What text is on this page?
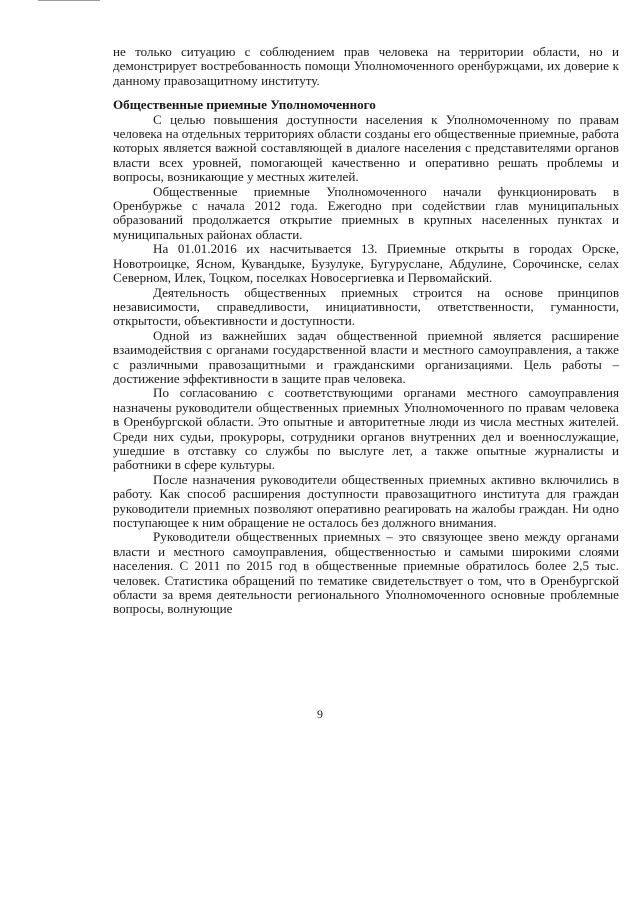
не только ситуацию с соблюдением прав человека на территории области, но и демонстрирует востребованность помощи Уполномоченного оренбуржцами, их доверие к данному правозащитному институту.

Общественные приемные Уполномоченного

С целью повышения доступности населения к Уполномоченному по правам человека на отдельных территориях области созданы его общественные приемные, работа которых является важной составляющей в диалоге населения с представителями органов власти всех уровней, помогающей качественно и оперативно решать проблемы и вопросы, возникающие у местных жителей.

Общественные приемные Уполномоченного начали функционировать в Оренбуржье с начала 2012 года. Ежегодно при содействии глав муниципальных образований продолжается открытие приемных в крупных населенных пунктах и муниципальных районах области.

На 01.01.2016 их насчитывается 13. Приемные открыты в городах Орске, Новотроицке, Ясном, Кувандыке, Бузулуке, Бугуруслане, Абдулине, Сорочинске, селах Северном, Илек, Тоцком, поселках Новосергиевка и Первомайский.

Деятельность общественных приемных строится на основе принципов независимости, справедливости, инициативности, ответственности, гуманности, открытости, объективности и доступности.

Одной из важнейших задач общественной приемной является расширение взаимодействия с органами государственной власти и местного самоуправления, а также с различными правозащитными и гражданскими организациями. Цель работы – достижение эффективности в защите прав человека.

По согласованию с соответствующими органами местного самоуправления назначены руководители общественных приемных Уполномоченного по правам человека в Оренбургской области. Это опытные и авторитетные люди из числа местных жителей. Среди них судьи, прокуроры, сотрудники органов внутренних дел и военнослужащие, ушедшие в отставку со службы по выслуге лет, а также опытные журналисты и работники в сфере культуры.

После назначения руководители общественных приемных активно включились в работу. Как способ расширения доступности правозащитного института для граждан руководители приемных позволяют оперативно реагировать на жалобы граждан. Ни одно поступающее к ним обращение не осталось без должного внимания.

Руководители общественных приемных – это связующее звено между органами власти и местного самоуправления, общественностью и самыми широкими слоями населения. С 2011 по 2015 год в общественные приемные обратилось более 2,5 тыс. человек. Статистика обращений по тематике свидетельствует о том, что в Оренбургской области за время деятельности регионального Уполномоченного основные проблемные вопросы, волнующие

9
